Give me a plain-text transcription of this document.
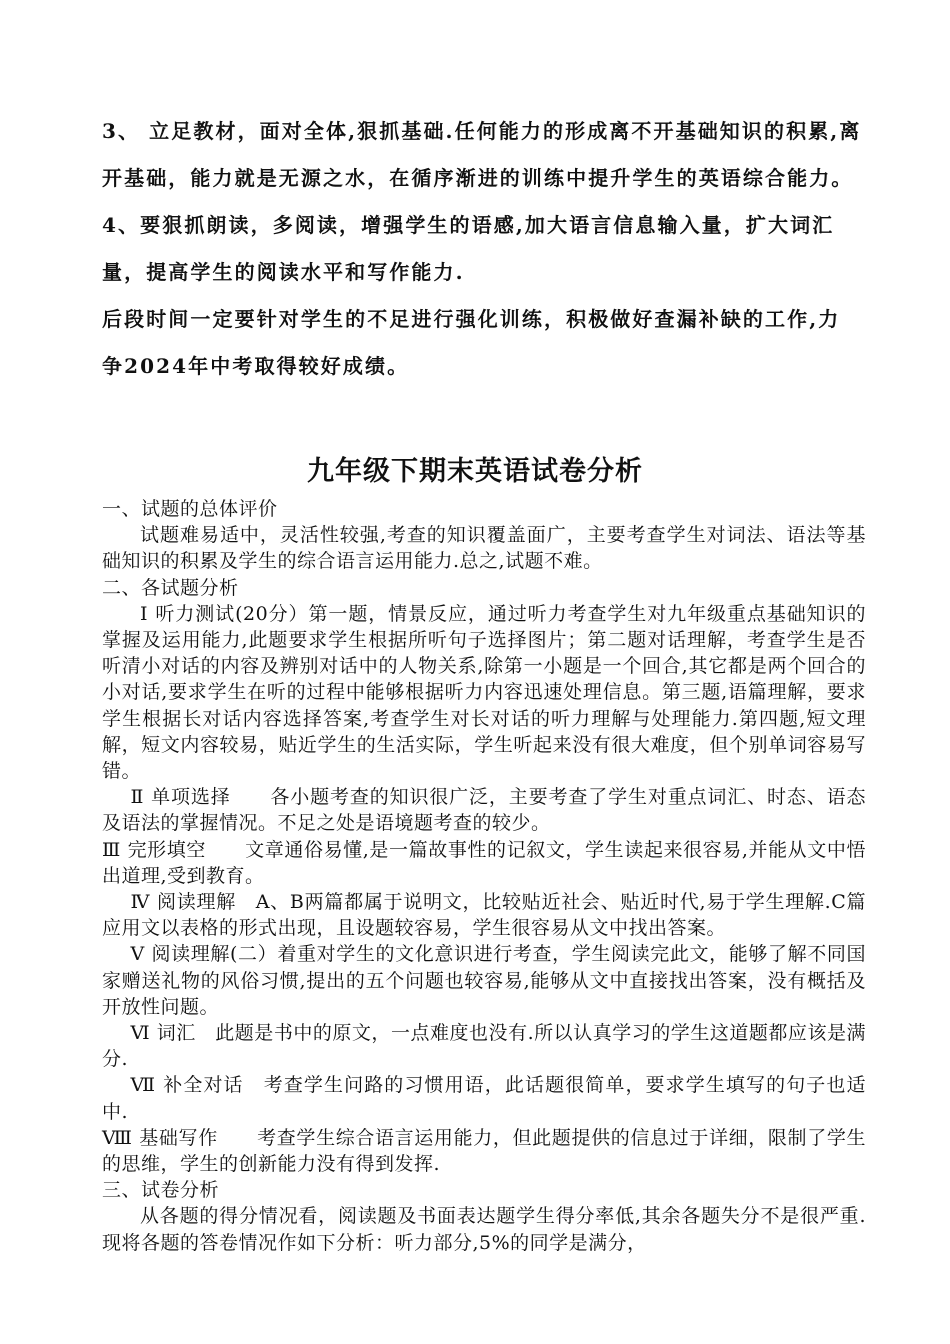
3、 立足教材，面对全体,狠抓基础.任何能力的形成离不开基础知识的积累,离开基础，能力就是无源之水，在循序渐进的训练中提升学生的英语综合能力。

4、要狠抓朗读，多阅读，增强学生的语感,加大语言信息输入量，扩大词汇量，提高学生的阅读水平和写作能力.

后段时间一定要针对学生的不足进行强化训练，积极做好查漏补缺的工作,力争2024年中考取得较好成绩。

九年级下期末英语试卷分析

一、试题的总体评价

试题难易适中，灵活性较强,考查的知识覆盖面广，主要考查学生对词法、语法等基础知识的积累及学生的综合语言运用能力.总之,试题不难。

二、各试题分析

Ⅰ 听力测试(20分）第一题，情景反应，通过听力考查学生对九年级重点基础知识的掌握及运用能力,此题要求学生根据所听句子选择图片；第二题对话理解，考查学生是否听清小对话的内容及辨别对话中的人物关系,除第一小题是一个回合,其它都是两个回合的小对话,要求学生在听的过程中能够根据听力内容迅速处理信息。第三题,语篇理解，要求学生根据长对话内容选择答案,考查学生对长对话的听力理解与处理能力.第四题,短文理解，短文内容较易，贴近学生的生活实际，学生听起来没有很大难度，但个别单词容易写错。

Ⅱ 单项选择　　各小题考查的知识很广泛，主要考查了学生对重点词汇、时态、语态及语法的掌握情况。不足之处是语境题考查的较少。

Ⅲ 完形填空　　文章通俗易懂,是一篇故事性的记叙文，学生读起来很容易,并能从文中悟出道理,受到教育。

Ⅳ 阅读理解　A、B两篇都属于说明文，比较贴近社会、贴近时代,易于学生理解.C篇应用文以表格的形式出现，且设题较容易，学生很容易从文中找出答案。

Ⅴ 阅读理解(二）着重对学生的文化意识进行考查，学生阅读完此文，能够了解不同国家赠送礼物的风俗习惯,提出的五个问题也较容易,能够从文中直接找出答案，没有概括及开放性问题。

Ⅵ 词汇　此题是书中的原文，一点难度也没有.所以认真学习的学生这道题都应该是满分.

Ⅶ 补全对话　考查学生问路的习惯用语，此话题很简单，要求学生填写的句子也适中.

Ⅷ 基础写作　　考查学生综合语言运用能力，但此题提供的信息过于详细，限制了学生的思维，学生的创新能力没有得到发挥.

三、试卷分析

从各题的得分情况看，阅读题及书面表达题学生得分率低,其余各题失分不是很严重.现将各题的答卷情况作如下分析：听力部分,5%的同学是满分，
